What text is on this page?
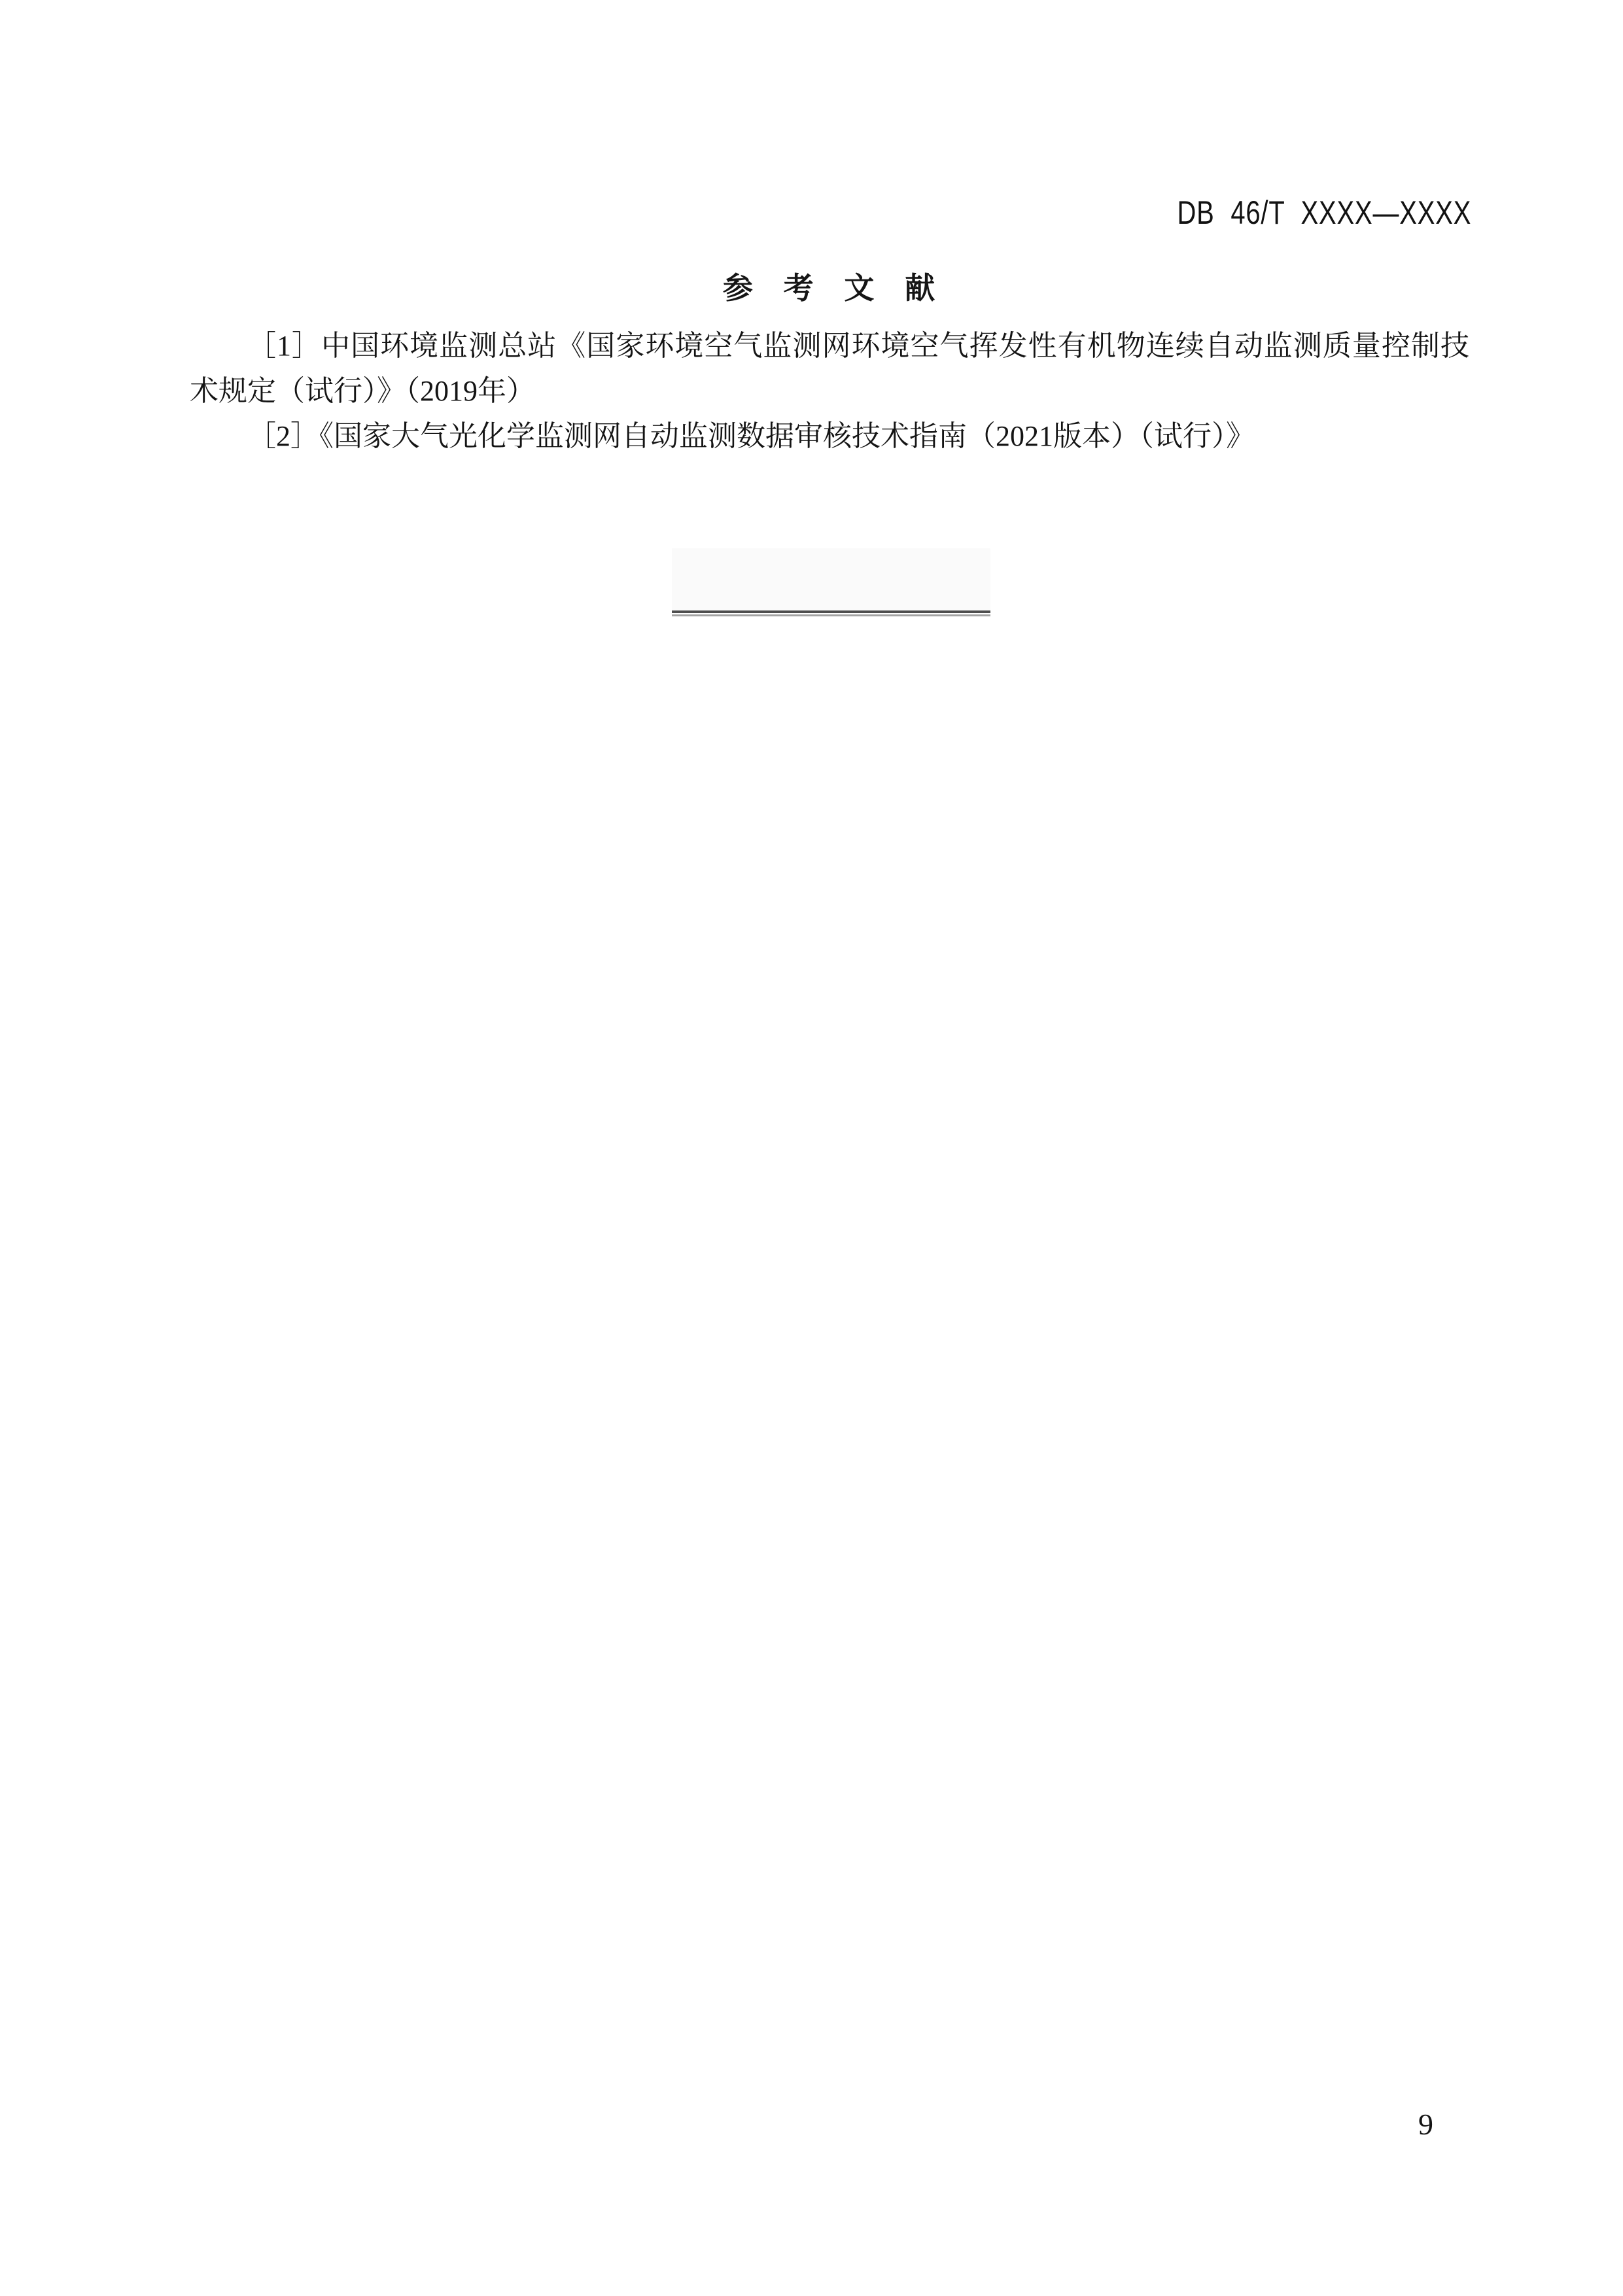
DB 46/T XXXX—XXXX
参 考 文 献

［1］中国环境监测总站《国家环境空气监测网环境空气挥发性有机物连续自动监测质量控制技术规定（试行）》（2019年）

［2］《国家大气光化学监测网自动监测数据审核技术指南（2021版本）（试行）》

9
